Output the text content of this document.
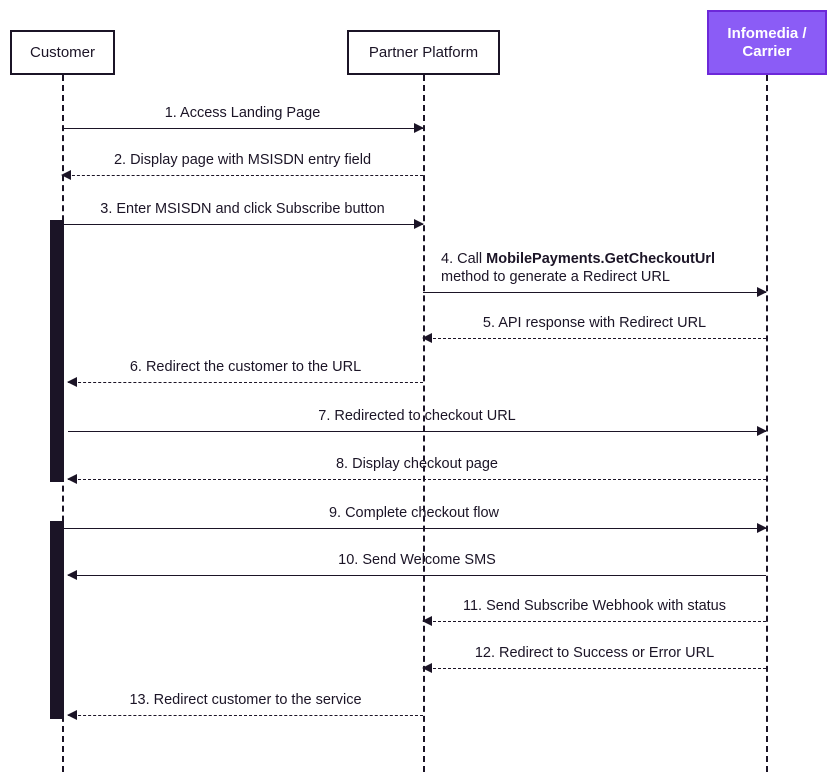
Customer	Partner Platform
Infomedia /
Carrier
1. Access Landing Page
2. Display page with MSISDN entry field
3. Enter MSISDN and click Subscribe button
4. Call MobilePayments.GetCheckoutUrl
method to generate a Redirect URL
5. API response with Redirect URL
6. Redirect the customer to the URL
7. Redirected to checkout URL
8. Display checkout page
9. Complete checkout flow
10. Send Welcome SMS
11. Send Subscribe Webhook with status
12. Redirect to Success or Error URL
13. Redirect customer to the service
